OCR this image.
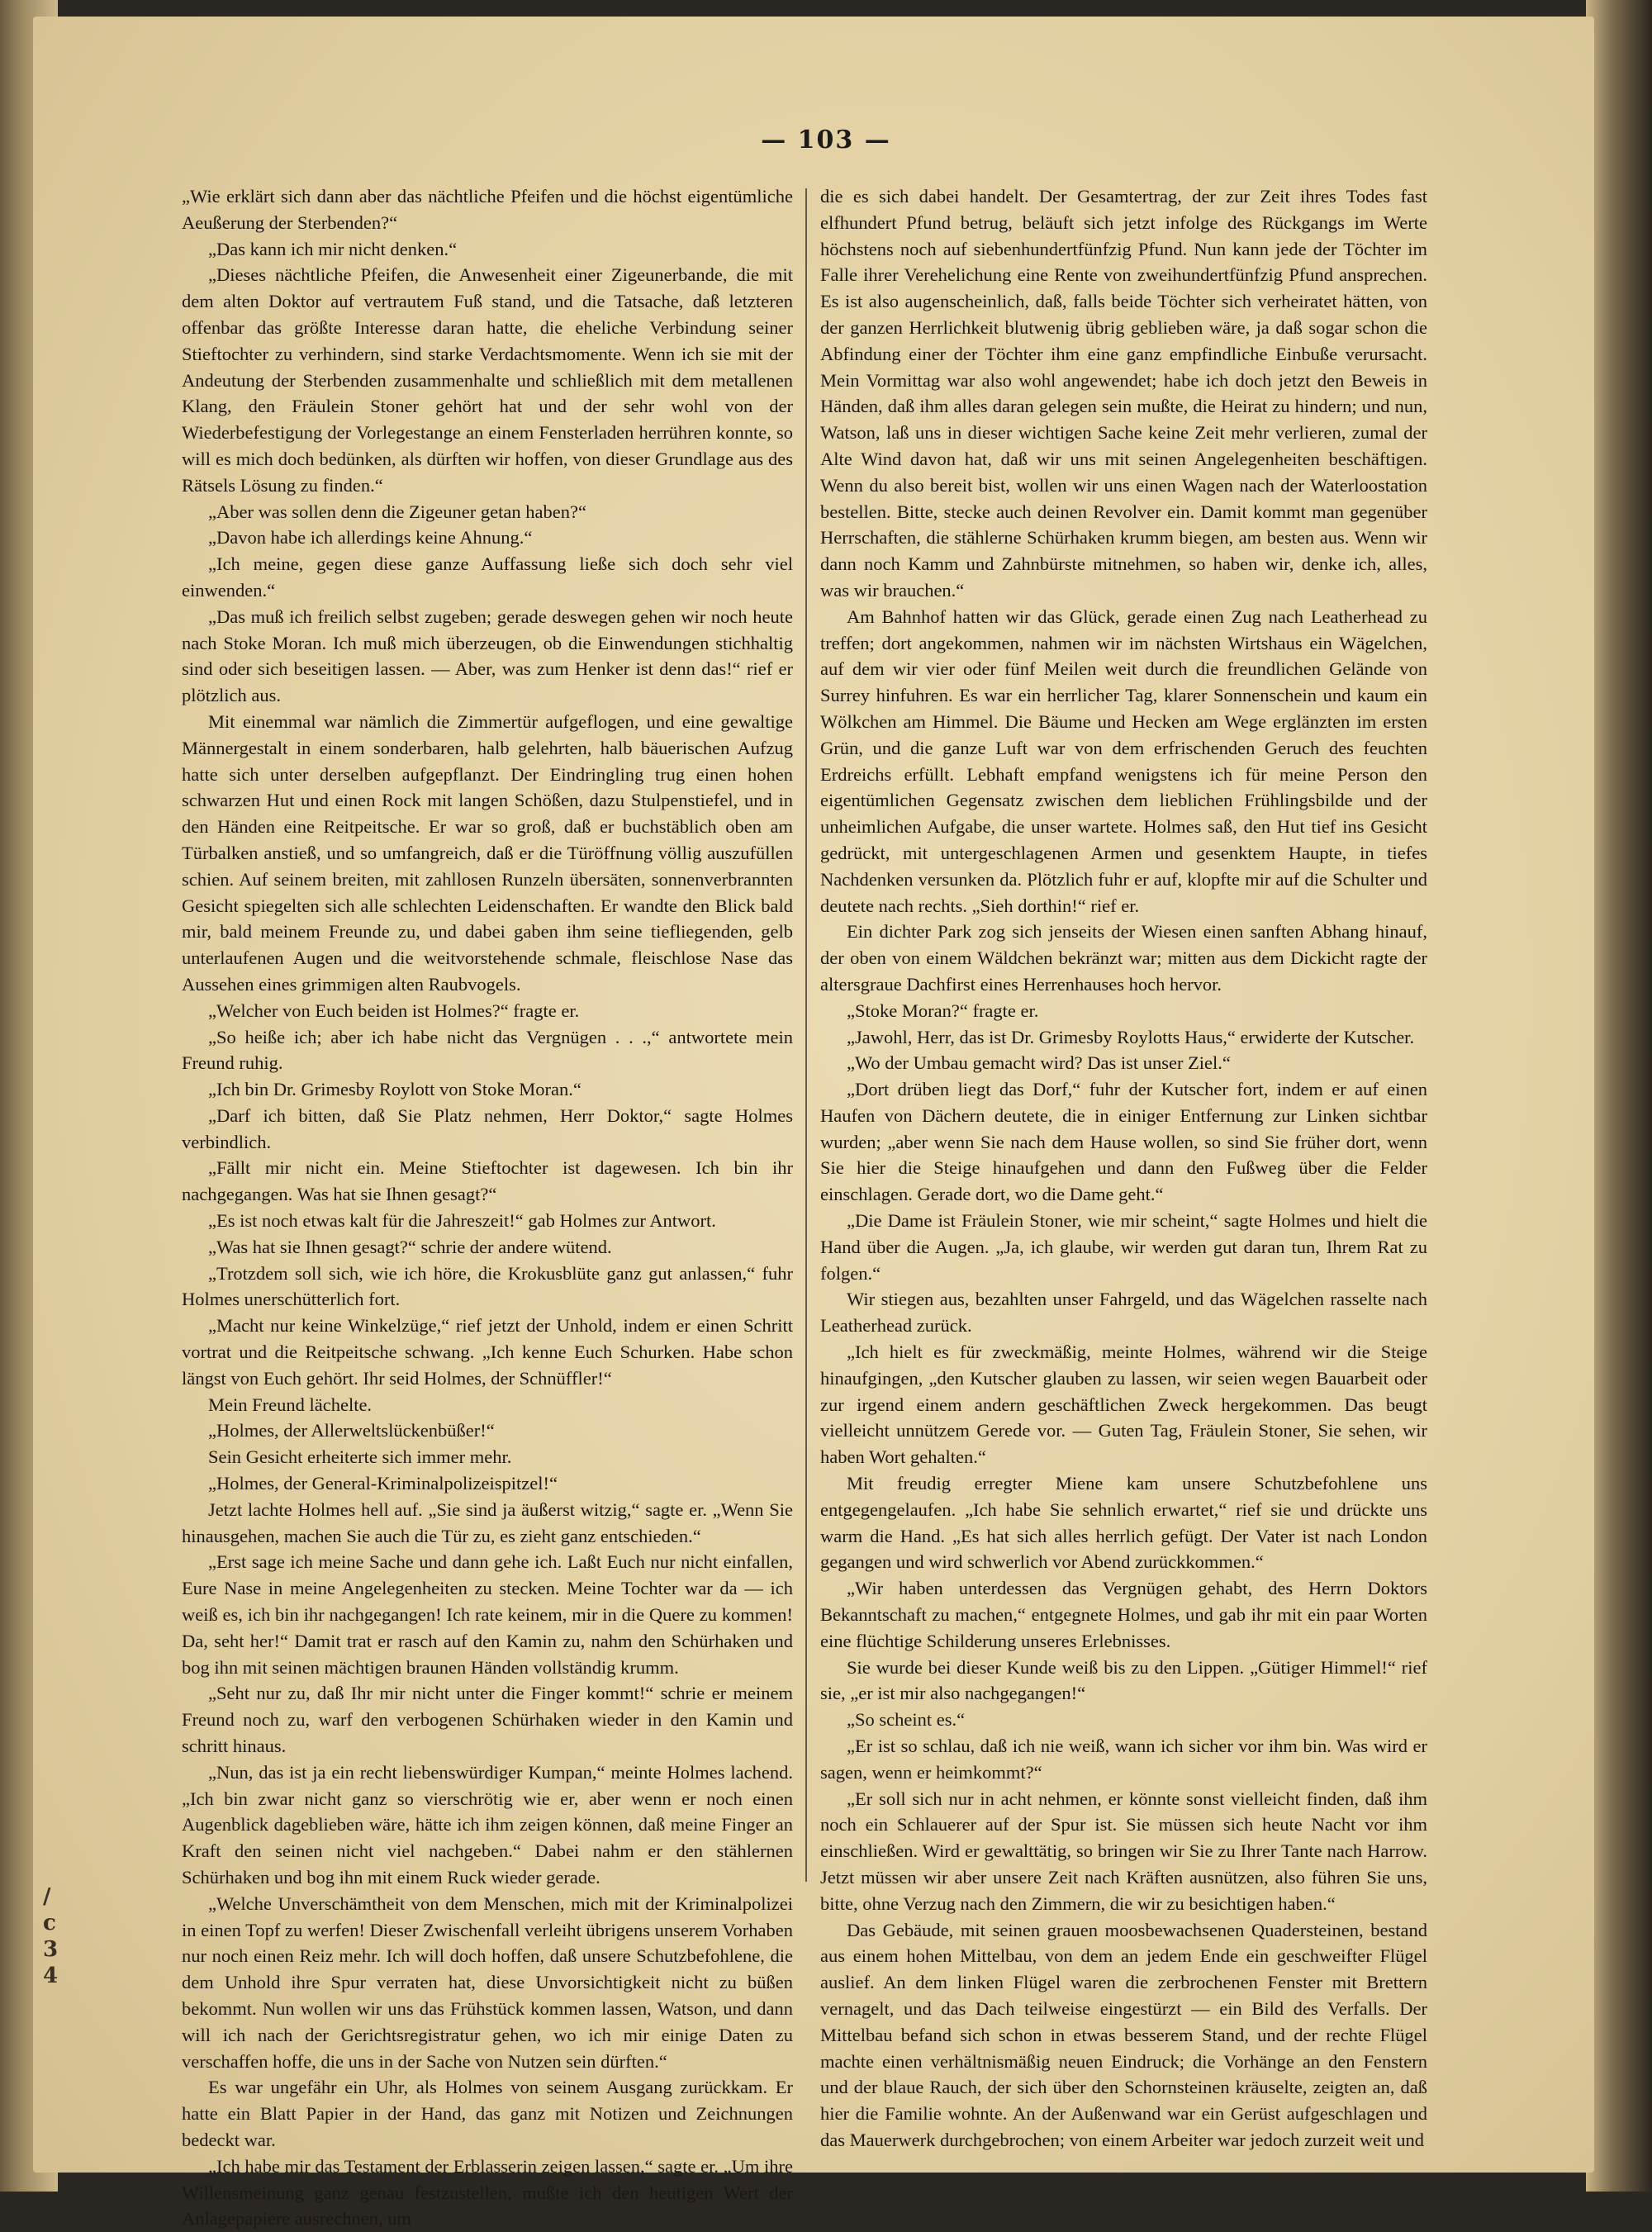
— 103 —

„Wie erklärt sich dann aber das nächtliche Pfeifen und die höchst eigentümliche Aeußerung der Sterbenden?“

„Das kann ich mir nicht denken.“

„Dieses nächtliche Pfeifen, die Anwesenheit einer Zigeunerbande, die mit dem alten Doktor auf vertrautem Fuß stand, und die Tatsache, daß letzteren offenbar das größte Interesse daran hatte, die eheliche Verbindung seiner Stieftochter zu verhindern, sind starke Verdachtsmomente. Wenn ich sie mit der Andeutung der Sterbenden zusammenhalte und schließlich mit dem metallenen Klang, den Fräulein Stoner gehört hat und der sehr wohl von der Wiederbefestigung der Vorlegestange an einem Fensterladen herrühren konnte, so will es mich doch bedünken, als dürften wir hoffen, von dieser Grundlage aus des Rätsels Lösung zu finden.“

„Aber was sollen denn die Zigeuner getan haben?“

„Davon habe ich allerdings keine Ahnung.“

„Ich meine, gegen diese ganze Auffassung ließe sich doch sehr viel einwenden.“

„Das muß ich freilich selbst zugeben; gerade deswegen gehen wir noch heute nach Stoke Moran. Ich muß mich überzeugen, ob die Einwendungen stichhaltig sind oder sich beseitigen lassen. — Aber, was zum Henker ist denn das!“ rief er plötzlich aus.

Mit einemmal war nämlich die Zimmertür aufgeflogen, und eine gewaltige Männergestalt in einem sonderbaren, halb gelehrten, halb bäuerischen Aufzug hatte sich unter derselben aufgepflanzt. Der Eindringling trug einen hohen schwarzen Hut und einen Rock mit langen Schößen, dazu Stulpenstiefel, und in den Händen eine Reitpeitsche. Er war so groß, daß er buchstäblich oben am Türbalken anstieß, und so umfangreich, daß er die Türöffnung völlig auszufüllen schien. Auf seinem breiten, mit zahllosen Runzeln übersäten, sonnenverbrannten Gesicht spiegelten sich alle schlechten Leidenschaften. Er wandte den Blick bald mir, bald meinem Freunde zu, und dabei gaben ihm seine tiefliegenden, gelb unterlaufenen Augen und die weitvorstehende schmale, fleischlose Nase das Aussehen eines grimmigen alten Raubvogels.

„Welcher von Euch beiden ist Holmes?“ fragte er.

„So heiße ich; aber ich habe nicht das Vergnügen . . .,“ antwortete mein Freund ruhig.

„Ich bin Dr. Grimesby Roylott von Stoke Moran.“

„Darf ich bitten, daß Sie Platz nehmen, Herr Doktor,“ sagte Holmes verbindlich.

„Fällt mir nicht ein. Meine Stieftochter ist dagewesen. Ich bin ihr nachgegangen. Was hat sie Ihnen gesagt?“

„Es ist noch etwas kalt für die Jahreszeit!“ gab Holmes zur Antwort.

„Was hat sie Ihnen gesagt?“ schrie der andere wütend.

„Trotzdem soll sich, wie ich höre, die Krokusblüte ganz gut anlassen,“ fuhr Holmes unerschütterlich fort.

„Macht nur keine Winkelzüge,“ rief jetzt der Unhold, indem er einen Schritt vortrat und die Reitpeitsche schwang. „Ich kenne Euch Schurken. Habe schon längst von Euch gehört. Ihr seid Holmes, der Schnüffler!“

Mein Freund lächelte.

„Holmes, der Allerweltslückenbüßer!“

Sein Gesicht erheiterte sich immer mehr.

„Holmes, der General-Kriminalpolizeispitzel!“

Jetzt lachte Holmes hell auf. „Sie sind ja äußerst witzig,“ sagte er. „Wenn Sie hinausgehen, machen Sie auch die Tür zu, es zieht ganz entschieden.“

„Erst sage ich meine Sache und dann gehe ich. Laßt Euch nur nicht einfallen, Eure Nase in meine Angelegenheiten zu stecken. Meine Tochter war da — ich weiß es, ich bin ihr nachgegangen! Ich rate keinem, mir in die Quere zu kommen! Da, seht her!“ Damit trat er rasch auf den Kamin zu, nahm den Schürhaken und bog ihn mit seinen mächtigen braunen Händen vollständig krumm.

„Seht nur zu, daß Ihr mir nicht unter die Finger kommt!“ schrie er meinem Freund noch zu, warf den verbogenen Schürhaken wieder in den Kamin und schritt hinaus.

„Nun, das ist ja ein recht liebenswürdiger Kumpan,“ meinte Holmes lachend. „Ich bin zwar nicht ganz so vierschrötig wie er, aber wenn er noch einen Augenblick dageblieben wäre, hätte ich ihm zeigen können, daß meine Finger an Kraft den seinen nicht viel nachgeben.“ Dabei nahm er den stählernen Schürhaken und bog ihn mit einem Ruck wieder gerade.

„Welche Unverschämtheit von dem Menschen, mich mit der Kriminalpolizei in einen Topf zu werfen! Dieser Zwischenfall verleiht übrigens unserem Vorhaben nur noch einen Reiz mehr. Ich will doch hoffen, daß unsere Schutzbefohlene, die dem Unhold ihre Spur verraten hat, diese Unvorsichtigkeit nicht zu büßen bekommt. Nun wollen wir uns das Frühstück kommen lassen, Watson, und dann will ich nach der Gerichtsregistratur gehen, wo ich mir einige Daten zu verschaffen hoffe, die uns in der Sache von Nutzen sein dürften.“

Es war ungefähr ein Uhr, als Holmes von seinem Ausgang zurückkam. Er hatte ein Blatt Papier in der Hand, das ganz mit Notizen und Zeichnungen bedeckt war.

„Ich habe mir das Testament der Erblasserin zeigen lassen,“ sagte er. „Um ihre Willensmeinung ganz genau festzustellen, mußte ich den heutigen Wert der Anlagepapiere ausrechnen, um

die es sich dabei handelt. Der Gesamtertrag, der zur Zeit ihres Todes fast elfhundert Pfund betrug, beläuft sich jetzt infolge des Rückgangs im Werte höchstens noch auf siebenhundertfünfzig Pfund. Nun kann jede der Töchter im Falle ihrer Verehelichung eine Rente von zweihundertfünfzig Pfund ansprechen. Es ist also augenscheinlich, daß, falls beide Töchter sich verheiratet hätten, von der ganzen Herrlichkeit blutwenig übrig geblieben wäre, ja daß sogar schon die Abfindung einer der Töchter ihm eine ganz empfindliche Einbuße verursacht. Mein Vormittag war also wohl angewendet; habe ich doch jetzt den Beweis in Händen, daß ihm alles daran gelegen sein mußte, die Heirat zu hindern; und nun, Watson, laß uns in dieser wichtigen Sache keine Zeit mehr verlieren, zumal der Alte Wind davon hat, daß wir uns mit seinen Angelegenheiten beschäftigen. Wenn du also bereit bist, wollen wir uns einen Wagen nach der Waterloostation bestellen. Bitte, stecke auch deinen Revolver ein. Damit kommt man gegenüber Herrschaften, die stählerne Schürhaken krumm biegen, am besten aus. Wenn wir dann noch Kamm und Zahnbürste mitnehmen, so haben wir, denke ich, alles, was wir brauchen.“

Am Bahnhof hatten wir das Glück, gerade einen Zug nach Leatherhead zu treffen; dort angekommen, nahmen wir im nächsten Wirtshaus ein Wägelchen, auf dem wir vier oder fünf Meilen weit durch die freundlichen Gelände von Surrey hinfuhren. Es war ein herrlicher Tag, klarer Sonnenschein und kaum ein Wölkchen am Himmel. Die Bäume und Hecken am Wege erglänzten im ersten Grün, und die ganze Luft war von dem erfrischenden Geruch des feuchten Erdreichs erfüllt. Lebhaft empfand wenigstens ich für meine Person den eigentümlichen Gegensatz zwischen dem lieblichen Frühlingsbilde und der unheimlichen Aufgabe, die unser wartete. Holmes saß, den Hut tief ins Gesicht gedrückt, mit untergeschlagenen Armen und gesenktem Haupte, in tiefes Nachdenken versunken da. Plötzlich fuhr er auf, klopfte mir auf die Schulter und deutete nach rechts. „Sieh dorthin!“ rief er.

Ein dichter Park zog sich jenseits der Wiesen einen sanften Abhang hinauf, der oben von einem Wäldchen bekränzt war; mitten aus dem Dickicht ragte der altersgraue Dachfirst eines Herrenhauses hoch hervor.

„Stoke Moran?“ fragte er.

„Jawohl, Herr, das ist Dr. Grimesby Roylotts Haus,“ erwiderte der Kutscher.

„Wo der Umbau gemacht wird? Das ist unser Ziel.“

„Dort drüben liegt das Dorf,“ fuhr der Kutscher fort, indem er auf einen Haufen von Dächern deutete, die in einiger Entfernung zur Linken sichtbar wurden; „aber wenn Sie nach dem Hause wollen, so sind Sie früher dort, wenn Sie hier die Steige hinaufgehen und dann den Fußweg über die Felder einschlagen. Gerade dort, wo die Dame geht.“

„Die Dame ist Fräulein Stoner, wie mir scheint,“ sagte Holmes und hielt die Hand über die Augen. „Ja, ich glaube, wir werden gut daran tun, Ihrem Rat zu folgen.“

Wir stiegen aus, bezahlten unser Fahrgeld, und das Wägelchen rasselte nach Leatherhead zurück.

„Ich hielt es für zweckmäßig, meinte Holmes, während wir die Steige hinaufgingen, „den Kutscher glauben zu lassen, wir seien wegen Bauarbeit oder zur irgend einem andern geschäftlichen Zweck hergekommen. Das beugt vielleicht unnützem Gerede vor. — Guten Tag, Fräulein Stoner, Sie sehen, wir haben Wort gehalten.“

Mit freudig erregter Miene kam unsere Schutzbefohlene uns entgegengelaufen. „Ich habe Sie sehnlich erwartet,“ rief sie und drückte uns warm die Hand. „Es hat sich alles herrlich gefügt. Der Vater ist nach London gegangen und wird schwerlich vor Abend zurückkommen.“

„Wir haben unterdessen das Vergnügen gehabt, des Herrn Doktors Bekanntschaft zu machen,“ entgegnete Holmes, und gab ihr mit ein paar Worten eine flüchtige Schilderung unseres Erlebnisses.

Sie wurde bei dieser Kunde weiß bis zu den Lippen. „Gütiger Himmel!“ rief sie, „er ist mir also nachgegangen!“

„So scheint es.“

„Er ist so schlau, daß ich nie weiß, wann ich sicher vor ihm bin. Was wird er sagen, wenn er heimkommt?“

„Er soll sich nur in acht nehmen, er könnte sonst vielleicht finden, daß ihm noch ein Schlauerer auf der Spur ist. Sie müssen sich heute Nacht vor ihm einschließen. Wird er gewalttätig, so bringen wir Sie zu Ihrer Tante nach Harrow. Jetzt müssen wir aber unsere Zeit nach Kräften ausnützen, also führen Sie uns, bitte, ohne Verzug nach den Zimmern, die wir zu besichtigen haben.“

Das Gebäude, mit seinen grauen moosbewachsenen Quadersteinen, bestand aus einem hohen Mittelbau, von dem an jedem Ende ein geschweifter Flügel auslief. An dem linken Flügel waren die zerbrochenen Fenster mit Brettern vernagelt, und das Dach teilweise eingestürzt — ein Bild des Verfalls. Der Mittelbau befand sich schon in etwas besserem Stand, und der rechte Flügel machte einen verhältnismäßig neuen Eindruck; die Vorhänge an den Fenstern und der blaue Rauch, der sich über den Schornsteinen kräuselte, zeigten an, daß hier die Familie wohnte. An der Außenwand war ein Gerüst aufgeschlagen und das Mauerwerk durchgebrochen; von einem Arbeiter war jedoch zurzeit weit und

/
c
3
4
